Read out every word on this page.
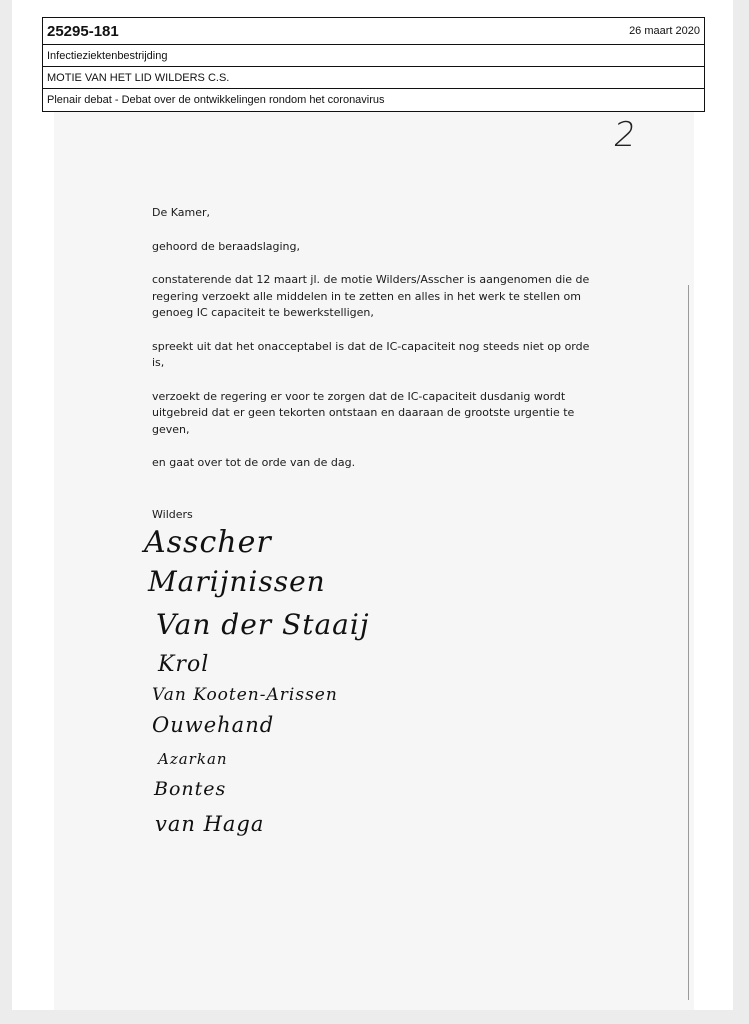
25295-181	26 maart 2020
Infectieziektenbestrijding
MOTIE VAN HET LID WILDERS C.S.
Plenair debat - Debat over de ontwikkelingen rondom het coronavirus
2

De Kamer,

gehoord de beraadslaging,

constaterende dat 12 maart jl. de motie Wilders/Asscher is aangenomen die de regering verzoekt alle middelen in te zetten en alles in het werk te stellen om genoeg IC capaciteit te bewerkstelligen,

spreekt uit dat het onacceptabel is dat de IC-capaciteit nog steeds niet op orde is,

verzoekt de regering er voor te zorgen dat de IC-capaciteit dusdanig wordt uitgebreid dat er geen tekorten ontstaan en daaraan de grootste urgentie te geven,

en gaat over tot de orde van de dag.

Wilders
Asscher
Marijnissen
Van der Staaij
Krol
Van Kooten-Arissen
Ouwehand
Azarkan
Bontes
van Haga
